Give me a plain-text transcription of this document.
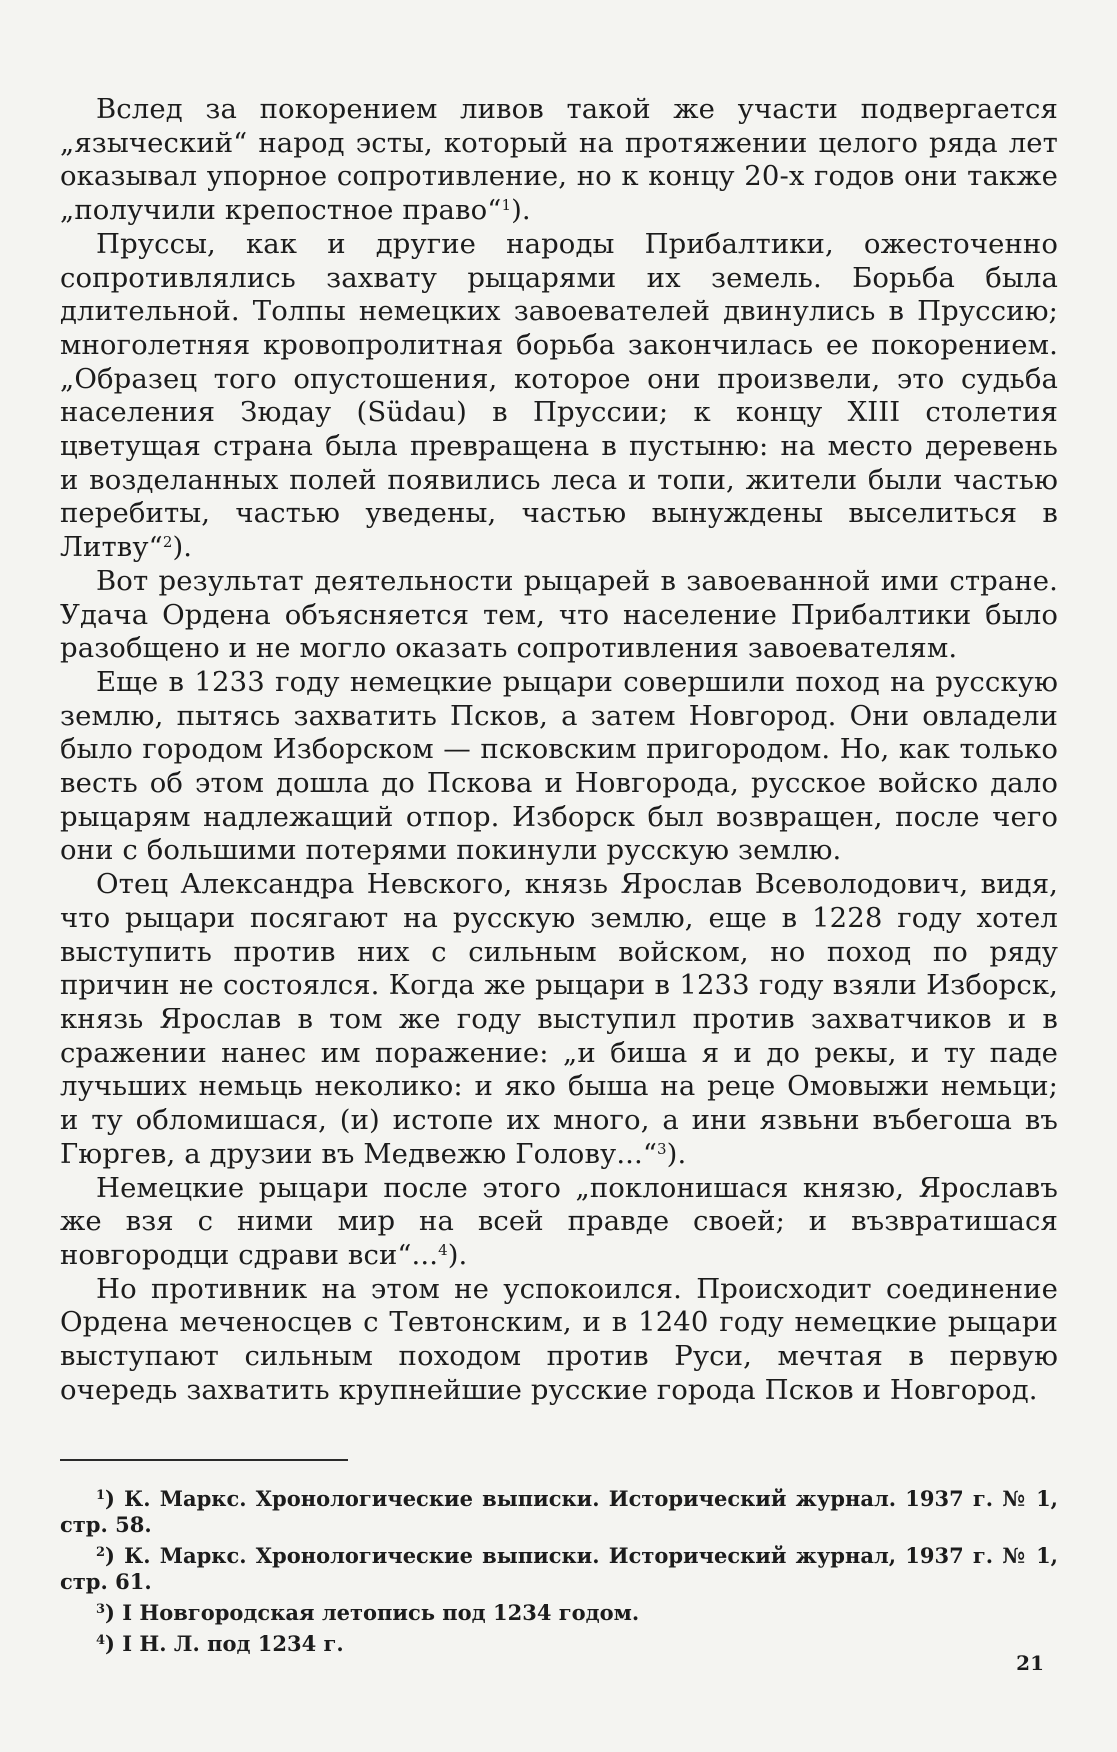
Вслед за покорением ливов такой же участи подвергается „языческий“ народ эсты, который на протяжении целого ряда лет оказывал упорное сопротивление, но к концу 20-х годов они также „получили крепостное право“$^1$).

Пруссы, как и другие народы Прибалтики, ожесточенно сопротивлялись захвату рыцарями их земель. Борьба была длительной. Толпы немецких завоевателей двинулись в Пруссию; многолетняя кровопролитная борьба закончилась ее покорением. „Образец того опустошения, которое они произвели, это судьба населения Зюдау (Südau) в Пруссии; к концу XIII столетия цветущая страна была превращена в пустыню: на место деревень и возделанных полей появились леса и топи, жители были частью перебиты, частью уведены, частью вынуждены выселиться в Литву“$^2$).

Вот результат деятельности рыцарей в завоеванной ими стране. Удача Ордена объясняется тем, что население Прибалтики было разобщено и не могло оказать сопротивления завоевателям.

Еще в 1233 году немецкие рыцари совершили поход на русскую землю, пытясь захватить Псков, а затем Новгород. Они овладели было городом Изборском — псковским пригородом. Но, как только весть об этом дошла до Пскова и Новгорода, русское войско дало рыцарям надлежащий отпор. Изборск был возвращен, после чего они с большими потерями покинули русскую землю.

Отец Александра Невского, князь Ярослав Всеволодович, видя, что рыцари посягают на русскую землю, еще в 1228 году хотел выступить против них с сильным войском, но поход по ряду причин не состоялся. Когда же рыцари в 1233 году взяли Изборск, князь Ярослав в том же году выступил против захватчиков и в сражении нанес им поражение: „и биша я и до рекы, и ту паде лучьших немьць неколико: и яко быша на реце Омовыжи немьци; и ту обломишася, (и) истопе их много, а ини язвьни въбегоша въ Гюргев, а друзии въ Медвежю Голову...“$^3$).

Немецкие рыцари после этого „поклонишася князю, Ярославъ же взя с ними мир на всей правде своей; и възвратишася новгородци сдрави вси“...$^4$).

Но противник на этом не успокоился. Происходит соединение Ордена меченосцев с Тевтонским, и в 1240 году немецкие рыцари выступают сильным походом против Руси, мечтая в первую очередь захватить крупнейшие русские города Псков и Новгород.

$^1$) К. Маркс. Хронологические выписки. Исторический журнал. 1937 г. № 1, стр. 58.

$^2$) К. Маркс. Хронологические выписки. Исторический журнал, 1937 г. № 1, стр. 61.

$^3$) I Новгородская летопись под 1234 годом.

$^4$) I Н. Л. под 1234 г.

21
